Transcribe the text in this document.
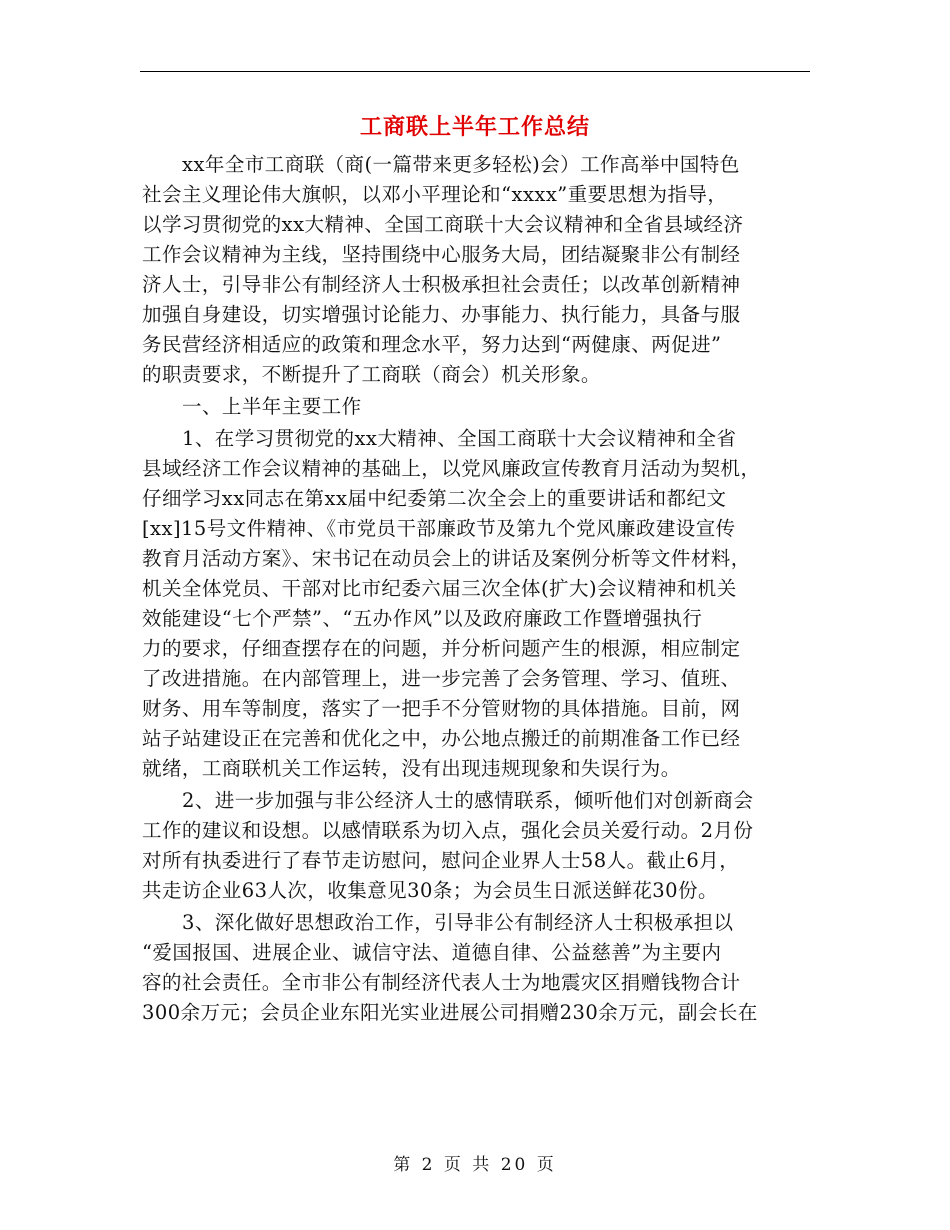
工商联上半年工作总结
xx年全市工商联（商(一篇带来更多轻松)会）工作高举中国特色
社会主义理论伟大旗帜，以邓小平理论和“xxxx”重要思想为指导，
以学习贯彻党的xx大精神、全国工商联十大会议精神和全省县域经济
工作会议精神为主线，坚持围绕中心服务大局，团结凝聚非公有制经
济人士，引导非公有制经济人士积极承担社会责任；以改革创新精神
加强自身建设，切实增强讨论能力、办事能力、执行能力，具备与服
务民营经济相适应的政策和理念水平，努力达到“两健康、两促进”
的职责要求，不断提升了工商联（商会）机关形象。
一、上半年主要工作
1、在学习贯彻党的xx大精神、全国工商联十大会议精神和全省
县域经济工作会议精神的基础上，以党风廉政宣传教育月活动为契机，
仔细学习xx同志在第xx届中纪委第二次全会上的重要讲话和都纪文
[xx]15号文件精神、《市党员干部廉政节及第九个党风廉政建设宣传
教育月活动方案》、宋书记在动员会上的讲话及案例分析等文件材料，
机关全体党员、干部对比市纪委六届三次全体(扩大)会议精神和机关
效能建设“七个严禁”、“五办作风”以及政府廉政工作暨增强执行
力的要求，仔细查摆存在的问题，并分析问题产生的根源，相应制定
了改进措施。在内部管理上，进一步完善了会务管理、学习、值班、
财务、用车等制度，落实了一把手不分管财物的具体措施。目前，网
站子站建设正在完善和优化之中，办公地点搬迁的前期准备工作已经
就绪，工商联机关工作运转，没有出现违规现象和失误行为。
2、进一步加强与非公经济人士的感情联系，倾听他们对创新商会
工作的建议和设想。以感情联系为切入点，强化会员关爱行动。2月份
对所有执委进行了春节走访慰问，慰问企业界人士58人。截止6月，
共走访企业63人次，收集意见30条；为会员生日派送鲜花30份。
3、深化做好思想政治工作，引导非公有制经济人士积极承担以
“爱国报国、进展企业、诚信守法、道德自律、公益慈善”为主要内
容的社会责任。全市非公有制经济代表人士为地震灾区捐赠钱物合计
300余万元；会员企业东阳光实业进展公司捐赠230余万元，副会长在
第 2 页 共 20 页
